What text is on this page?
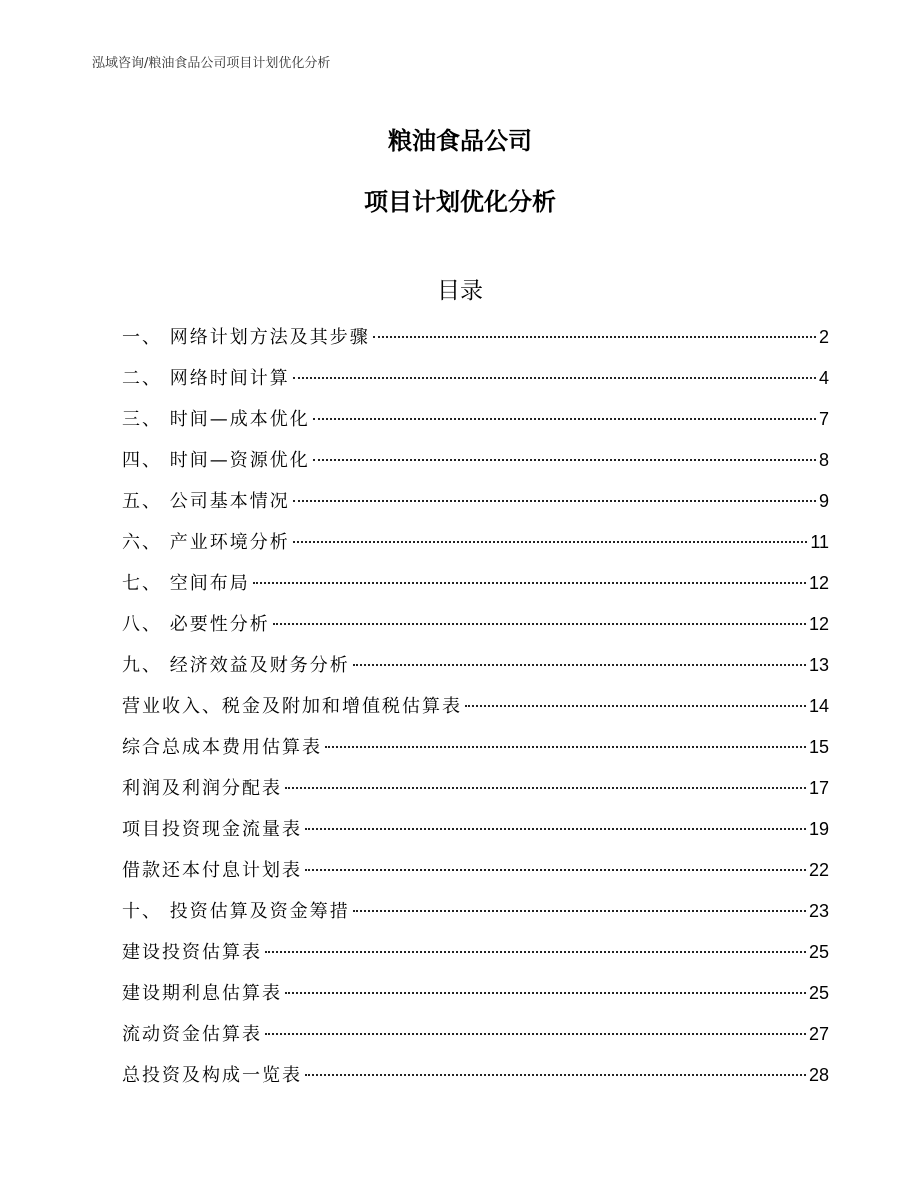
泓域咨询/粮油食品公司项目计划优化分析
粮油食品公司
项目计划优化分析
目录
一、 网络计划方法及其步骤	2
二、 网络时间计算	4
三、 时间—成本优化	7
四、 时间—资源优化	8
五、 公司基本情况	9
六、 产业环境分析	11
七、 空间布局	12
八、 必要性分析	12
九、 经济效益及财务分析	13
营业收入、税金及附加和增值税估算表	14
综合总成本费用估算表	15
利润及利润分配表	17
项目投资现金流量表	19
借款还本付息计划表	22
十、 投资估算及资金筹措	23
建设投资估算表	25
建设期利息估算表	25
流动资金估算表	27
总投资及构成一览表	28
